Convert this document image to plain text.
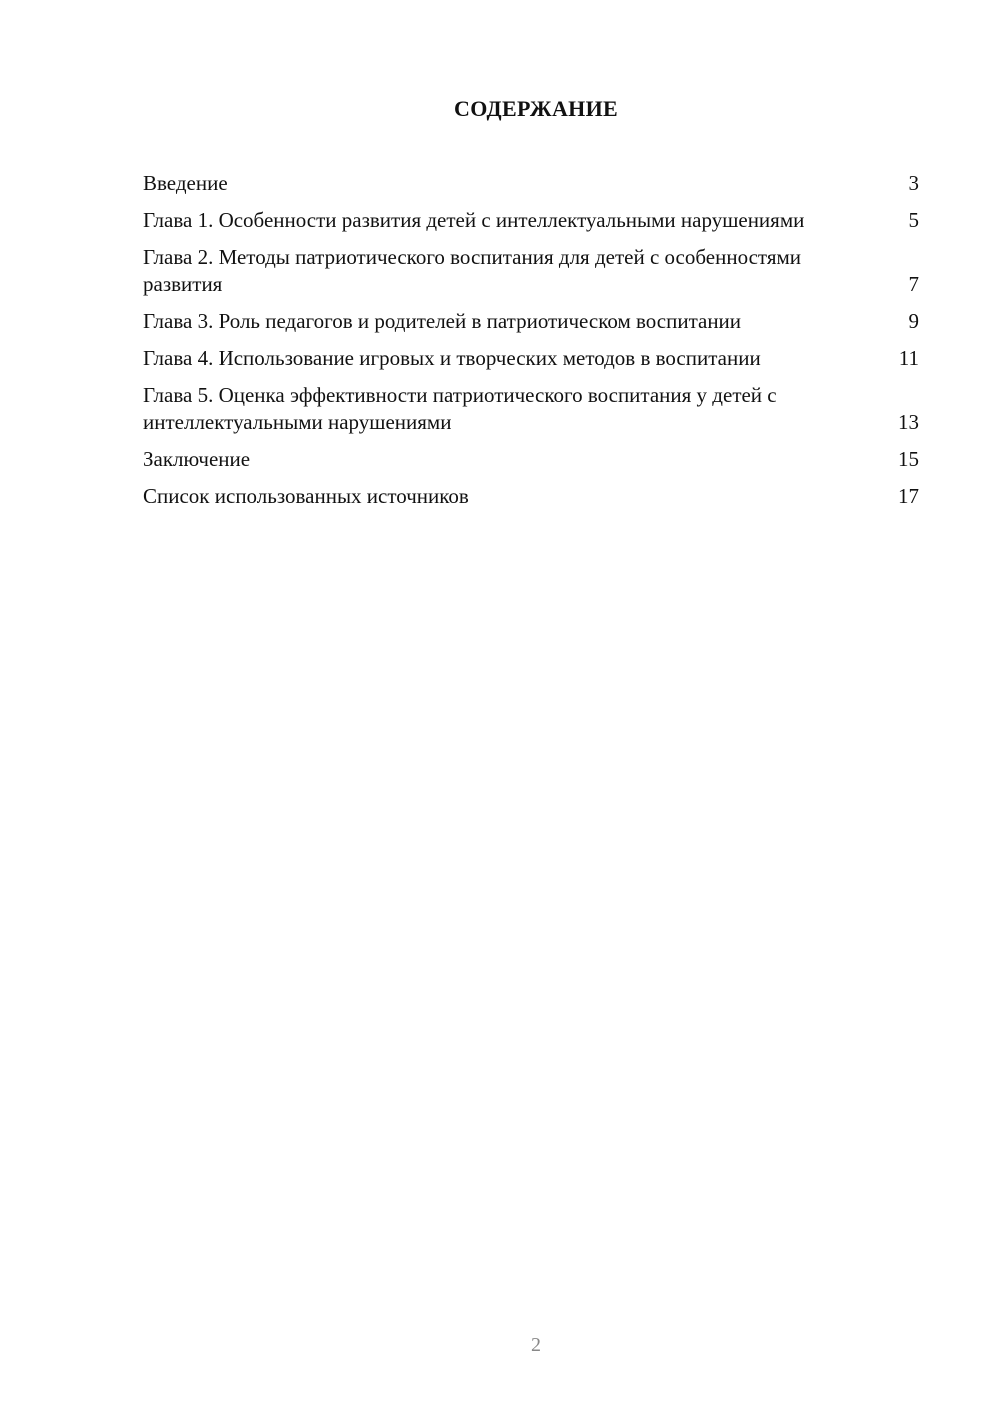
СОДЕРЖАНИЕ
Введение	3
Глава 1. Особенности развития детей с интеллектуальными нарушениями	5
Глава 2. Методы патриотического воспитания для детей с особенностями развития	7
Глава 3. Роль педагогов и родителей в патриотическом воспитании	9
Глава 4. Использование игровых и творческих методов в воспитании	11
Глава 5. Оценка эффективности патриотического воспитания у детей с интеллектуальными нарушениями	13
Заключение	15
Список использованных источников	17
2
